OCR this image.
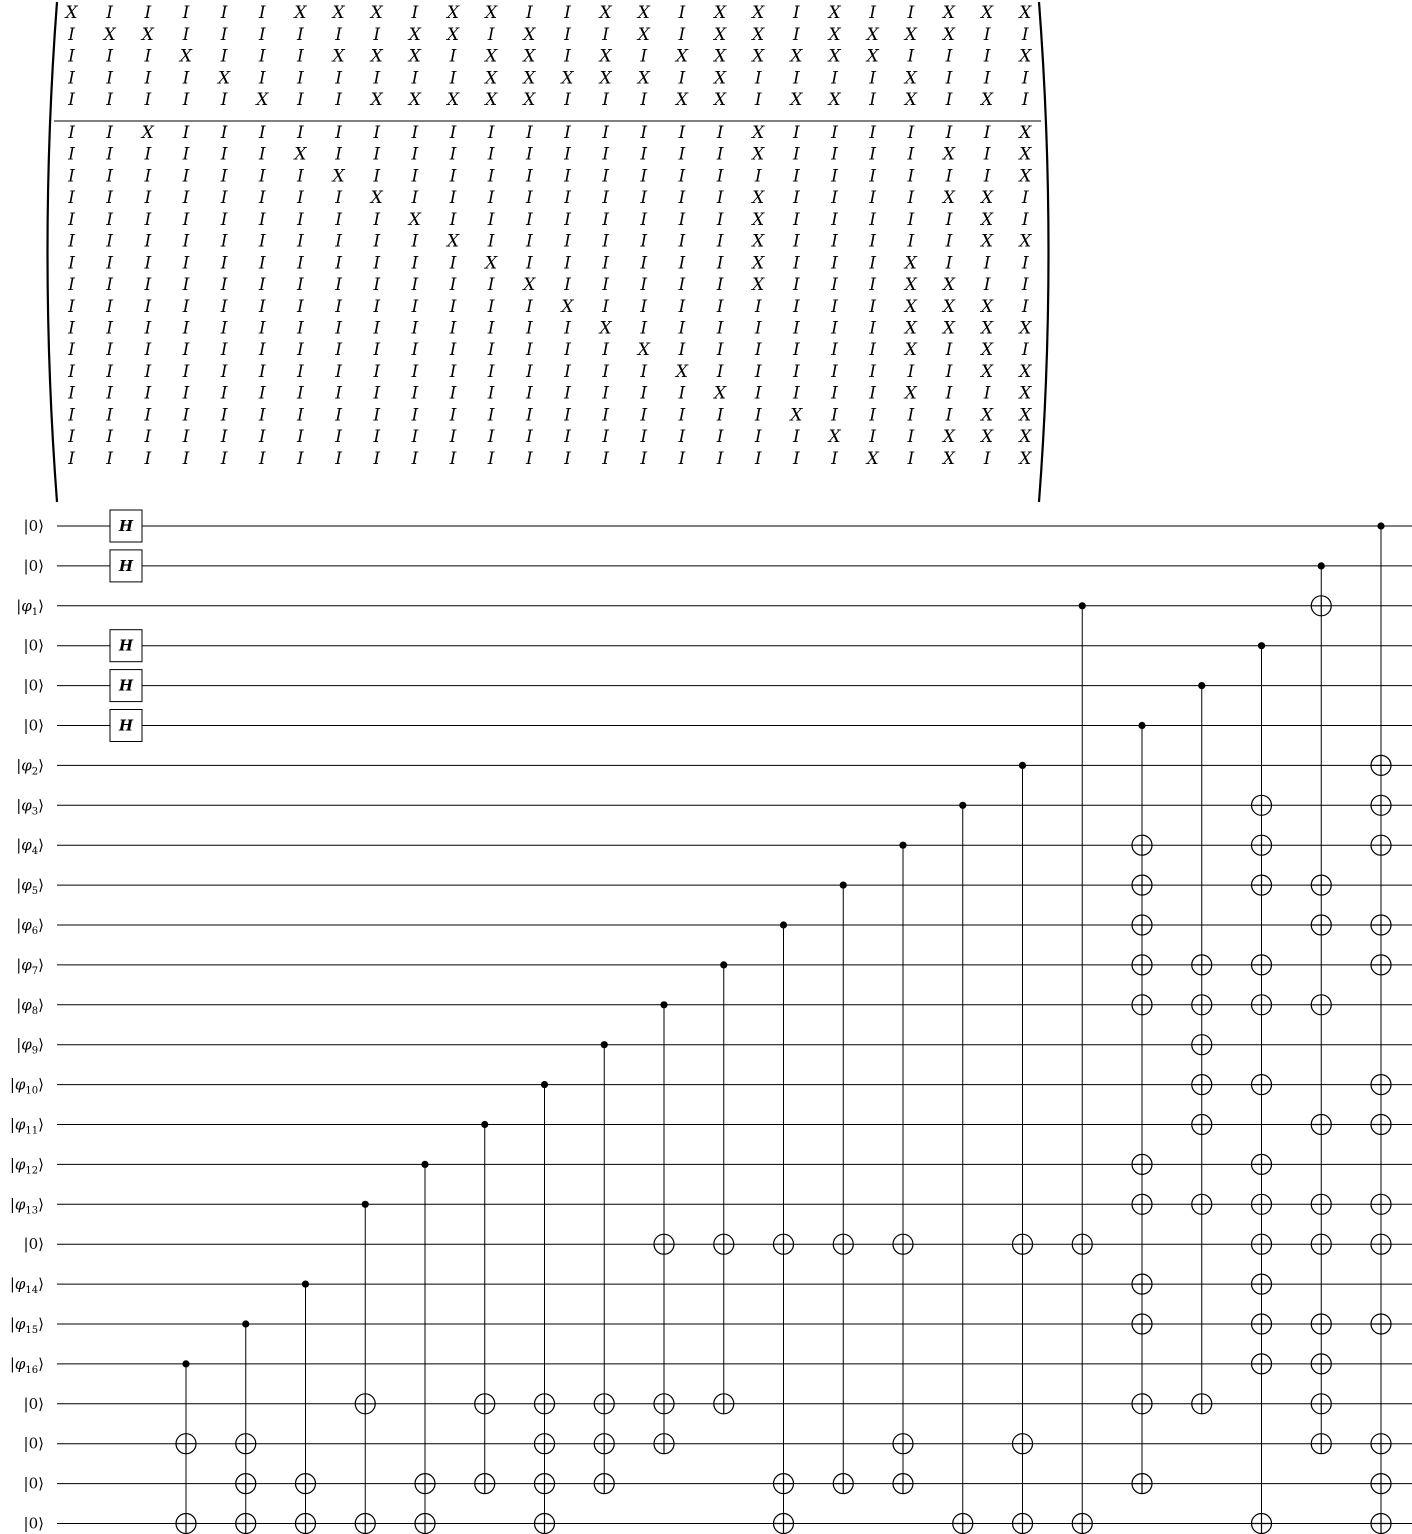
X I I I I I X X X I X X I I X X I X X I X I I X X X
I X X I I I I I I X X I X I I X I X X I X X X X I I
I I I X I I I X X X I X X I X I X X X X X X I I I X
I I I I X I I I I I I X X X X X I X I I I I X I I I
I I I I I X I I X X X X X I I I X X I X X I X I X I
I I X I I I I I I I I I I I I I I I X I I I I I I X
I I I I I I X I I I I I I I I I I I X I I I I X I X
I I I I I I I X I I I I I I I I I I I I I I I I I X
I I I I I I I I X I I I I I I I I I X I I I I X X I
I I I I I I I I I X I I I I I I I I X I I I I I X I
I I I I I I I I I I X I I I I I I I X I I I I I X X
I I I I I I I I I I I X I I I I I I X I I I X I I I
I I I I I I I I I I I I X I I I I I X I I I X X I I
I I I I I I I I I I I I I X I I I I I I I I X X X I
I I I I I I I I I I I I I I X I I I I I I I X X X X
I I I I I I I I I I I I I I I X I I I I I I X I X I
I I I I I I I I I I I I I I I I X I I I I I I I X X
I I I I I I I I I I I I I I I I I X I I I I X I I X
I I I I I I I I I I I I I I I I I I I X I I I I X X
I I I I I I I I I I I I I I I I I I I I X I I X X X
I I I I I I I I I I I I I I I I I I I I I X I X I X
|0⟩
|0⟩
$|\varphi_1⟩$
|0⟩
|0⟩
|0⟩
$|\varphi_2⟩$
$|\varphi_3⟩$
$|\varphi_4⟩$
$|\varphi_5⟩$
$|\varphi_6⟩$
$|\varphi_7⟩$
$|\varphi_8⟩$
$|\varphi_9⟩$
$|\varphi_{10}⟩$
$|\varphi_{11}⟩$
$|\varphi_{12}⟩$
$|\varphi_{13}⟩$
|0⟩
$|\varphi_{14}⟩$
$|\varphi_{15}⟩$
$|\varphi_{16}⟩$
|0⟩
|0⟩
|0⟩
|0⟩
H
H
H
H
H
